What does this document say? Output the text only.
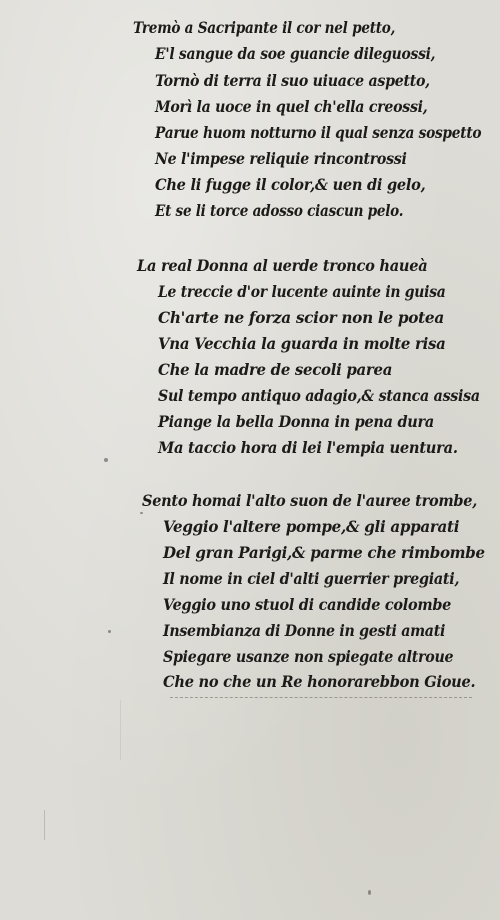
Tremò a Sacripante il cor nel petto,
E'l sangue da soe guancie dileguossi,
Tornò di terra il suo uiuace aspetto,
Morì la uoce in quel ch'ella creossi,
Parue huom notturno il qual senza sospetto
Ne l'impese reliquie rincontrossi
Che li fugge il color,& uen di gelo,
Et se li torce adosso ciascun pelo.
La real Donna al uerde tronco haueà
Le treccie d'or lucente auinte in guisa
Ch'arte ne forza scior non le potea
Vna Vecchia la guarda in molte risa
Che la madre de secoli parea
Sul tempo antiquo adagio,& stanca assisa
Piange la bella Donna in pena dura
Ma taccio hora di lei l'empia uentura.
Sento homai l'alto suon de l'auree trombe,
Veggio l'altere pompe,& gli apparati
Del gran Parigi,& parme che rimbombe
Il nome in ciel d'alti guerrier pregiati,
Veggio uno stuol di candide colombe
Insembianza di Donne in gesti amati
Spiegare usanze non spiegate altroue
Che no che un Re honorarebbon Gioue.
